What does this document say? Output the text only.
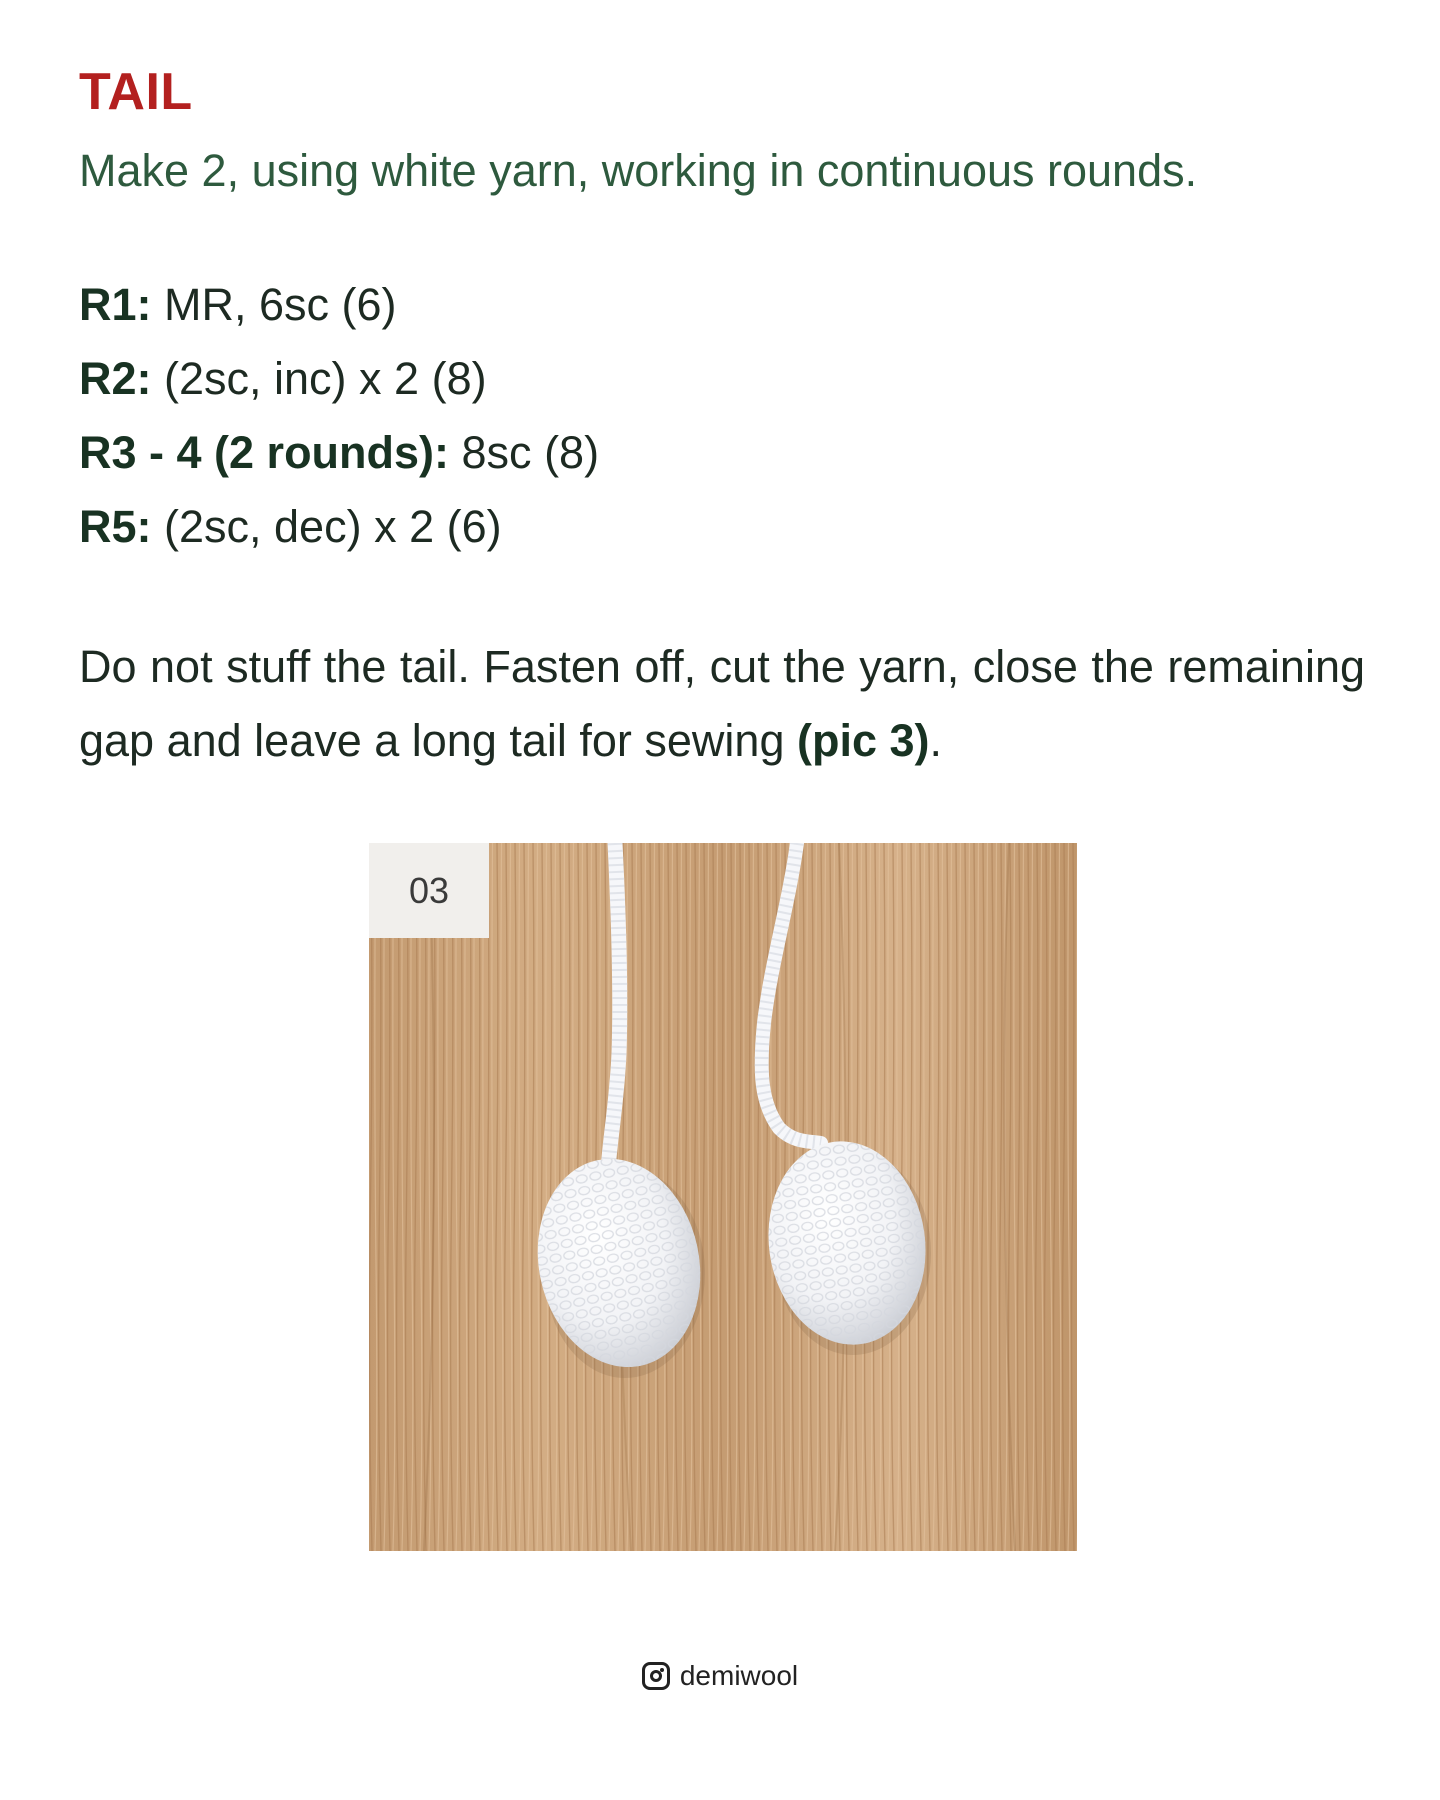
TAIL
Make 2, using white yarn, working in continuous rounds.
R1: MR, 6sc (6)
R2: (2sc, inc) x 2 (8)
R3 - 4 (2 rounds): 8sc (8)
R5: (2sc, dec) x 2 (6)
Do not stuff the tail. Fasten off, cut the yarn, close the remaining gap and leave a long tail for sewing (pic 3).
03
demiwool
